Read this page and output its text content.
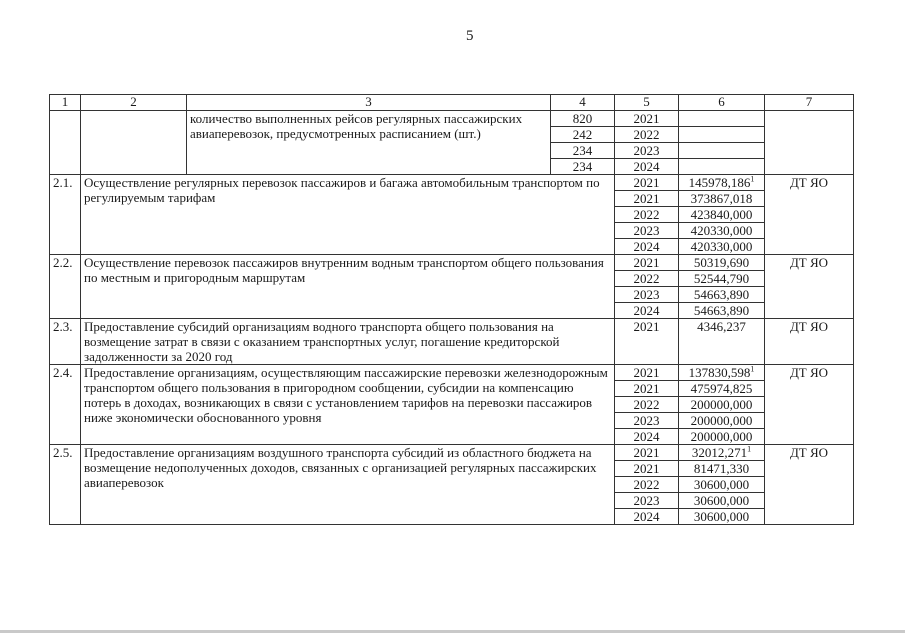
5
1	2	3	4	5	6	7
		количество выполненных рейсов регулярных пассажирских авиаперевозок, предусмотренных расписанием (шт.)	820	2021		
			242	2022		
			234	2023		
			234	2024		
2.1.	Осуществление регулярных перевозок пассажиров и багажа автомобильным транспортом по регулируемым тарифам			2021	145978,186$^1$	ДТ ЯО
				2021	373867,018	
				2022	423840,000	
				2023	420330,000	
				2024	420330,000	
2.2.	Осуществление перевозок пассажиров внутренним водным транспортом общего пользования по местным и пригородным маршрутам			2021	50319,690	ДТ ЯО
				2022	52544,790	
				2023	54663,890	
				2024	54663,890	
2.3.	Предоставление субсидий организациям водного транспорта общего пользования на возмещение затрат в связи с оказанием транспортных услуг, погашение кредиторской задолженности за 2020 год			2021	4346,237	ДТ ЯО
2.4.	Предоставление организациям, осуществляющим пассажирские перевозки железнодорожным транспортом общего пользования в пригородном сообщении, субсидии на компенсацию потерь в доходах, возникающих в связи с установлением тарифов на перевозки пассажиров ниже экономически обоснованного уровня			2021	137830,598$^1$	ДТ ЯО
				2021	475974,825	
				2022	200000,000	
				2023	200000,000	
				2024	200000,000	
2.5.	Предоставление организациям воздушного транспорта субсидий из областного бюджета на возмещение недополученных доходов, связанных с организацией регулярных пассажирских авиаперевозок			2021	32012,271$^1$	ДТ ЯО
				2021	81471,330	
				2022	30600,000	
				2023	30600,000	
				2024	30600,000	
